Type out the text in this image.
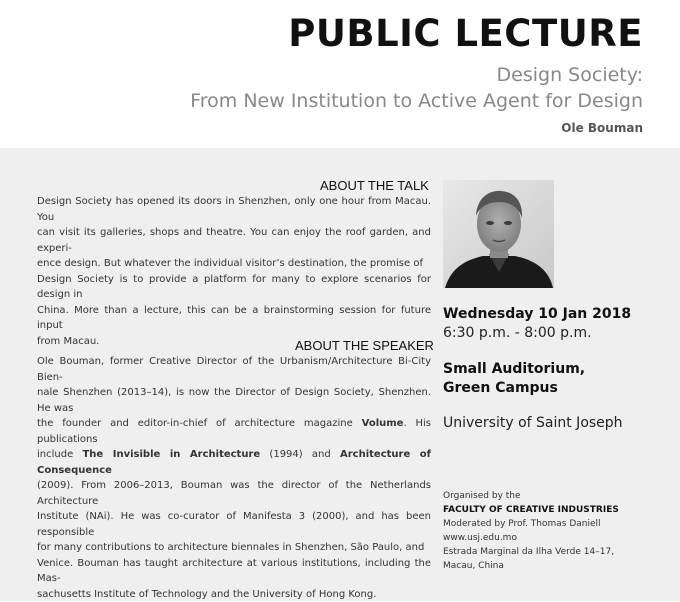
PUBLIC LECTURE
Design Society:
From New Institution to Active Agent for Design
Ole Bouman
ABOUT THE TALK
Design Society has opened its doors in Shenzhen, only one hour from Macau. You
can visit its galleries, shops and theatre. You can enjoy the roof garden, and experi-
ence design. But whatever the individual visitor’s destination, the promise of
Design Society is to provide a platform for many to explore scenarios for design in
China. More than a lecture, this can be a brainstorming session for future input
from Macau.	ABOUT THE SPEAKER
Ole Bouman, former Creative Director of the Urbanism/Architecture Bi-City Bien-
nale Shenzhen (2013–14), is now the Director of Design Society, Shenzhen. He was
the founder and editor-in-chief of architecture magazine Volume. His publications
include The Invisible in Architecture (1994) and Architecture of Consequence
(2009). From 2006–2013, Bouman was the director of the Netherlands Architecture
Institute (NAi). He was co-curator of Manifesta 3 (2000), and has been responsible
for many contributions to architecture biennales in Shenzhen, São Paulo, and
Venice. Bouman has taught architecture at various institutions, including the Mas-
sachusetts Institute of Technology and the University of Hong Kong.
Wednesday 10 Jan 2018
6:30 p.m. - 8:00 p.m.
Small Auditorium,
Green Campus
University of Saint Joseph
Organised by the
FACULTY OF CREATIVE INDUSTRIES
Moderated by Prof. Thomas Daniell
www.usj.edu.mo
Estrada Marginal da Ilha Verde 14–17,
Macau, China
